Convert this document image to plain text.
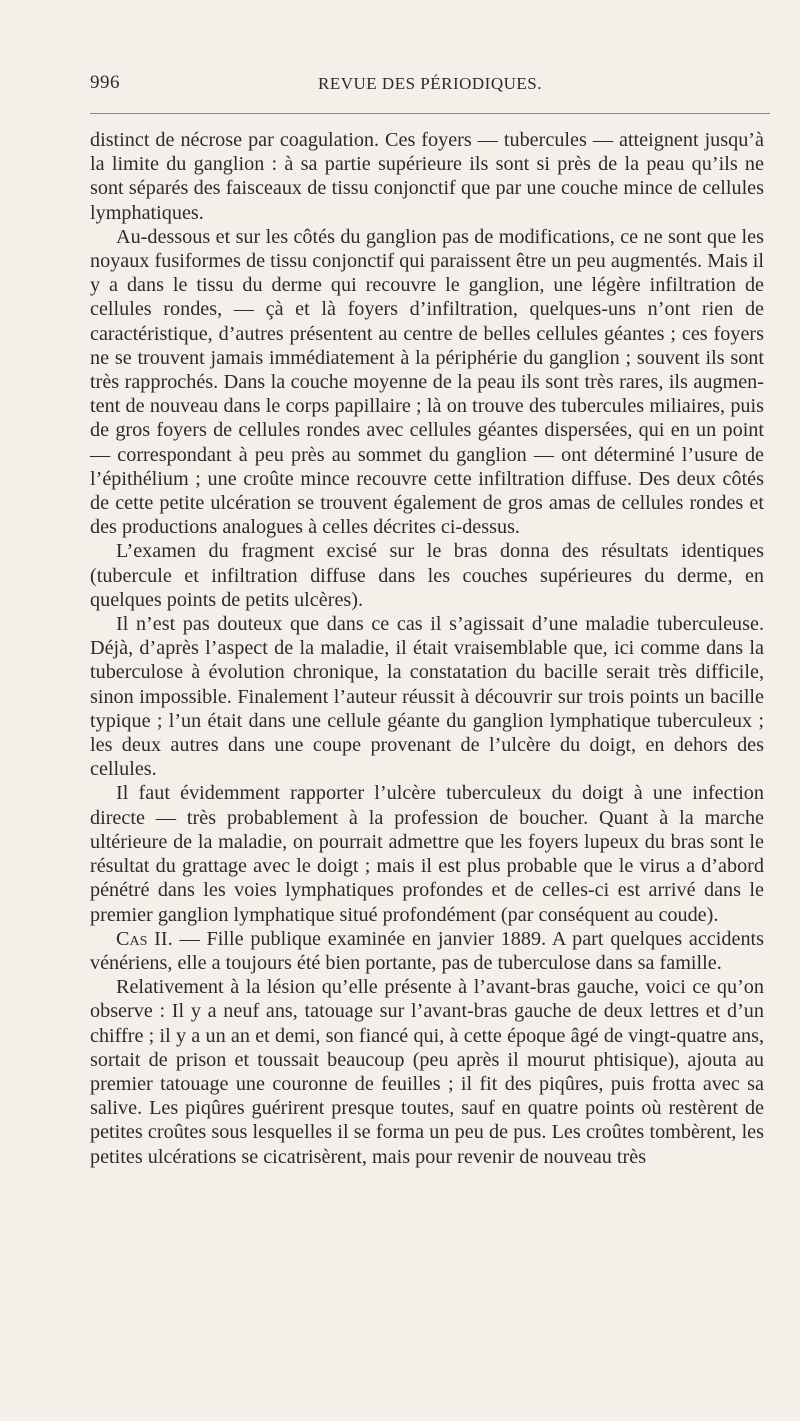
996	REVUE DES PÉRIODIQUES.

distinct de nécrose par coagulation. Ces foyers — tubercules — atteignent jusqu’à la limite du ganglion : à sa partie supérieure ils sont si près de la peau qu’ils ne sont séparés des faisceaux de tissu conjonctif que par une couche mince de cellules lymphatiques.

Au-dessous et sur les côtés du ganglion pas de modifications, ce ne sont que les noyaux fusiformes de tissu conjonctif qui paraissent être un peu augmentés. Mais il y a dans le tissu du derme qui recouvre le ganglion, une légère infiltration de cellules rondes, — çà et là foyers d’infiltration, quelques-uns n’ont rien de caractéristique, d’autres présentent au centre de belles cellules géantes ; ces foyers ne se trouvent jamais immédiatement à la périphérie du ganglion ; souvent ils sont très rapprochés. Dans la couche moyenne de la peau ils sont très rares, ils augmentent de nouveau dans le corps papillaire ; là on trouve des tubercules miliaires, puis de gros foyers de cellules rondes avec cellules géantes dispersées, qui en un point — correspondant à peu près au sommet du ganglion — ont déterminé l’usure de l’épithélium ; une croûte mince recouvre cette infiltration diffuse. Des deux côtés de cette petite ulcération se trouvent également de gros amas de cellules rondes et des productions analogues à celles décrites ci-dessus.

L’examen du fragment excisé sur le bras donna des résultats identiques (tubercule et infiltration diffuse dans les couches supérieures du derme, en quelques points de petits ulcères).

Il n’est pas douteux que dans ce cas il s’agissait d’une maladie tuberculeuse. Déjà, d’après l’aspect de la maladie, il était vraisemblable que, ici comme dans la tuberculose à évolution chronique, la constatation du bacille serait très difficile, sinon impossible. Finalement l’auteur réussit à découvrir sur trois points un bacille typique ; l’un était dans une cellule géante du ganglion lymphatique tuberculeux ; les deux autres dans une coupe provenant de l’ulcère du doigt, en dehors des cellules.

Il faut évidemment rapporter l’ulcère tuberculeux du doigt à une infection directe — très probablement à la profession de boucher. Quant à la marche ultérieure de la maladie, on pourrait admettre que les foyers lupeux du bras sont le résultat du grattage avec le doigt ; mais il est plus probable que le virus a d’abord pénétré dans les voies lymphatiques profondes et de celles-ci est arrivé dans le premier ganglion lymphatique situé profondément (par conséquent au coude).

Cas II. — Fille publique examinée en janvier 1889. A part quelques accidents vénériens, elle a toujours été bien portante, pas de tuberculose dans sa famille.

Relativement à la lésion qu’elle présente à l’avant-bras gauche, voici ce qu’on observe : Il y a neuf ans, tatouage sur l’avant-bras gauche de deux lettres et d’un chiffre ; il y a un an et demi, son fiancé qui, à cette époque âgé de vingt-quatre ans, sortait de prison et toussait beaucoup (peu après il mourut phtisique), ajouta au premier tatouage une couronne de feuilles ; il fit des piqûres, puis frotta avec sa salive. Les piqûres guérirent presque toutes, sauf en quatre points où restèrent de petites croûtes sous lesquelles il se forma un peu de pus. Les croûtes tombèrent, les petites ulcérations se cicatrisèrent, mais pour revenir de nouveau très
